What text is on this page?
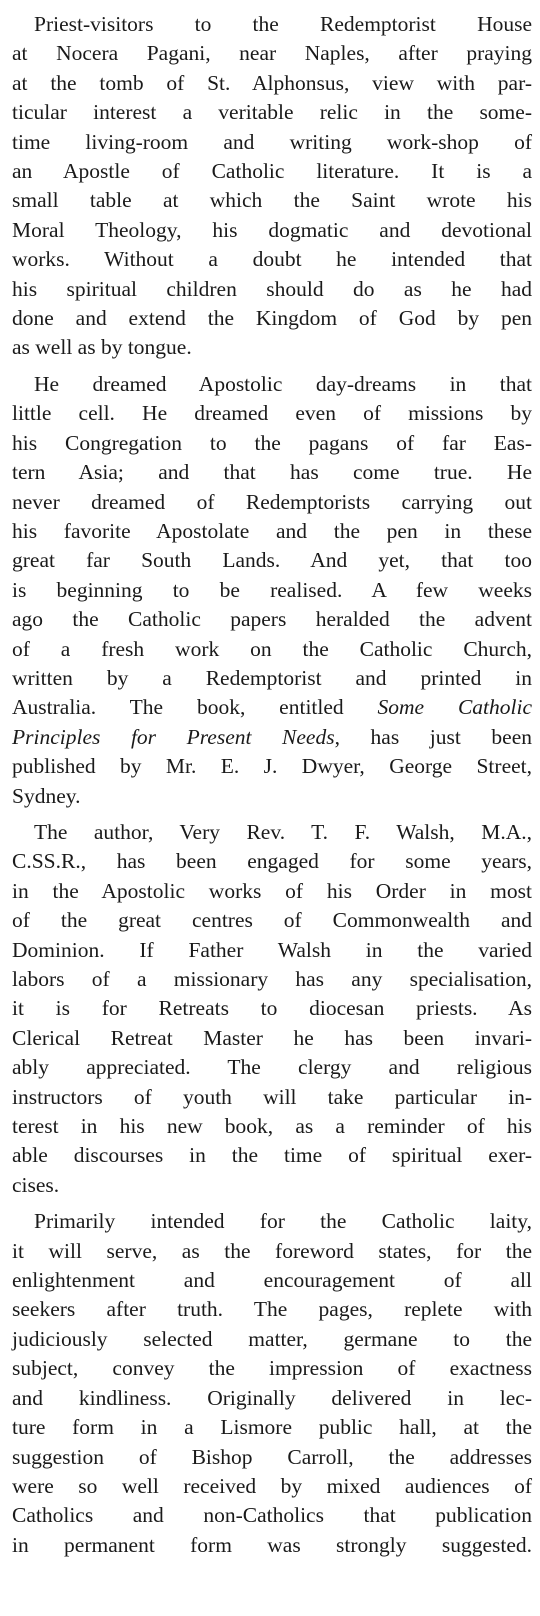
Priest-visitors to the Redemptorist House
at Nocera Pagani, near Naples, after praying
at the tomb of St. Alphonsus, view with par-
ticular interest a veritable relic in the some-
time living-room and writing work-shop of
an Apostle of Catholic literature. It is a
small table at which the Saint wrote his
Moral Theology, his dogmatic and devotional
works. Without a doubt he intended that
his spiritual children should do as he had
done and extend the Kingdom of God by pen
as well as by tongue.
He dreamed Apostolic day-dreams in that
little cell. He dreamed even of missions by
his Congregation to the pagans of far Eas-
tern Asia; and that has come true. He
never dreamed of Redemptorists carrying out
his favorite Apostolate and the pen in these
great far South Lands. And yet, that too
is beginning to be realised. A few weeks
ago the Catholic papers heralded the advent
of a fresh work on the Catholic Church,
written by a Redemptorist and printed in
Australia. The book, entitled Some Catholic
Principles for Present Needs, has just been
published by Mr. E. J. Dwyer, George Street,
Sydney.
The author, Very Rev. T. F. Walsh, M.A.,
C.SS.R., has been engaged for some years,
in the Apostolic works of his Order in most
of the great centres of Commonwealth and
Dominion. If Father Walsh in the varied
labors of a missionary has any specialisation,
it is for Retreats to diocesan priests. As
Clerical Retreat Master he has been invari-
ably appreciated. The clergy and religious
instructors of youth will take particular in-
terest in his new book, as a reminder of his
able discourses in the time of spiritual exer-
cises.
Primarily intended for the Catholic laity,
it will serve, as the foreword states, for the
enlightenment and encouragement of all
seekers after truth. The pages, replete with
judiciously selected matter, germane to the
subject, convey the impression of exactness
and kindliness. Originally delivered in lec-
ture form in a Lismore public hall, at the
suggestion of Bishop Carroll, the addresses
were so well received by mixed audiences of
Catholics and non-Catholics that publication
in permanent form was strongly suggested.
